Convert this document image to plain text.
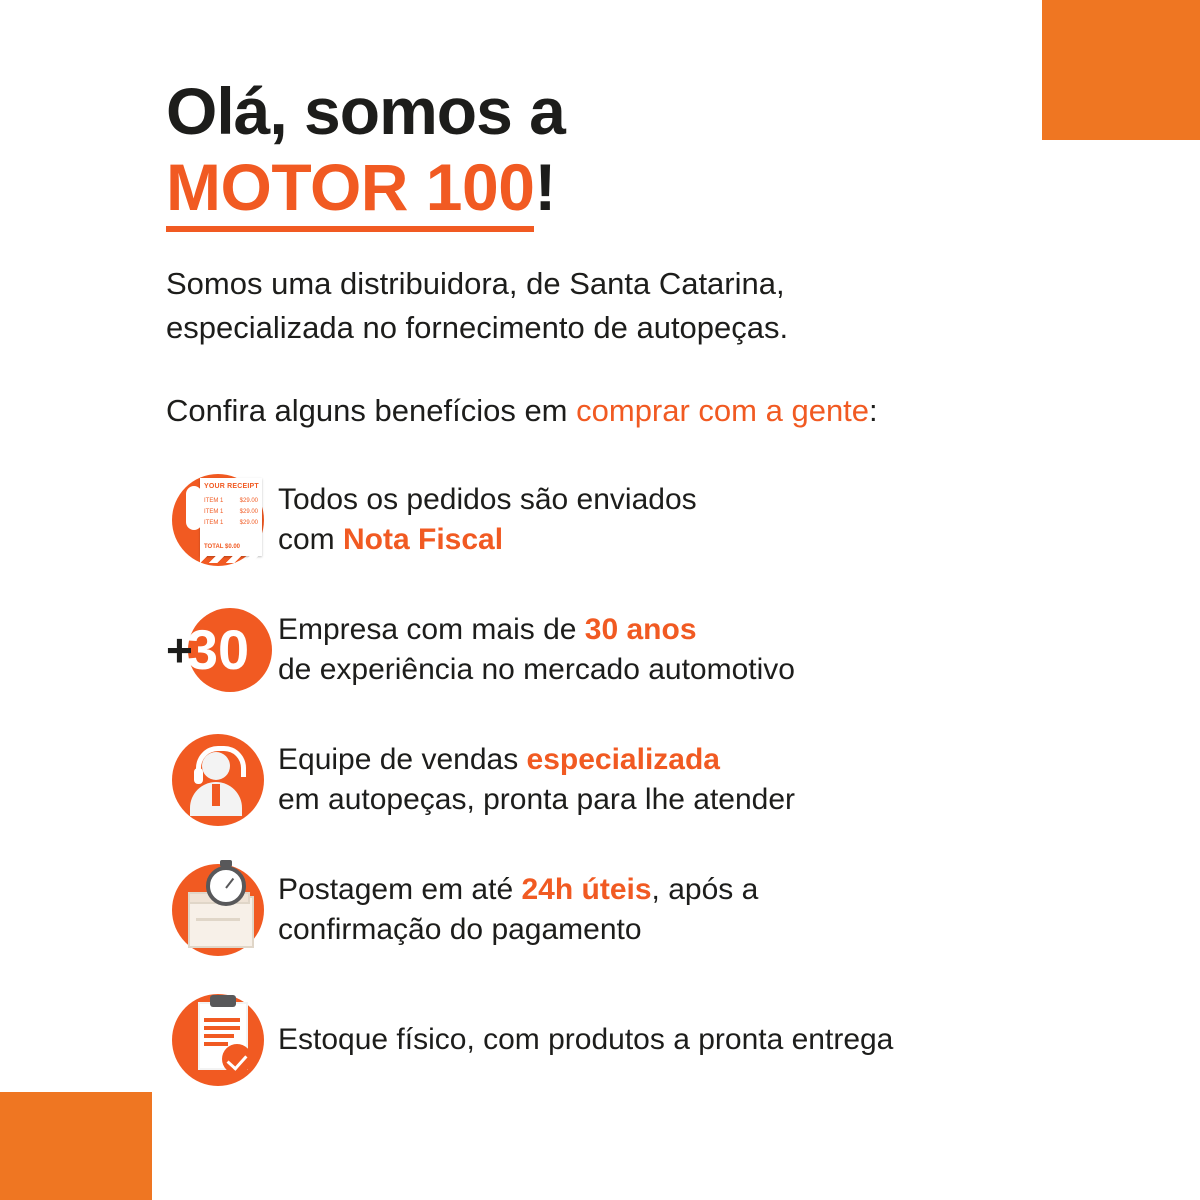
Olá, somos a
MOTOR 100!

Somos uma distribuidora, de Santa Catarina,
especializada no fornecimento de autopeças.

Confira alguns benefícios em comprar com a gente:

YOUR RECEIPT
ITEM 1	$29.00
ITEM 1	$29.00
ITEM 1	$29.00
TOTAL $0.00
Todos os pedidos são enviados
com Nota Fiscal
+
30 Empresa com mais de 30 anos
de experiência no mercado automotivo
Equipe de vendas especializada
em autopeças, pronta para lhe atender
Postagem em até 24h úteis, após a
confirmação do pagamento
Estoque físico, com produtos a pronta entrega
